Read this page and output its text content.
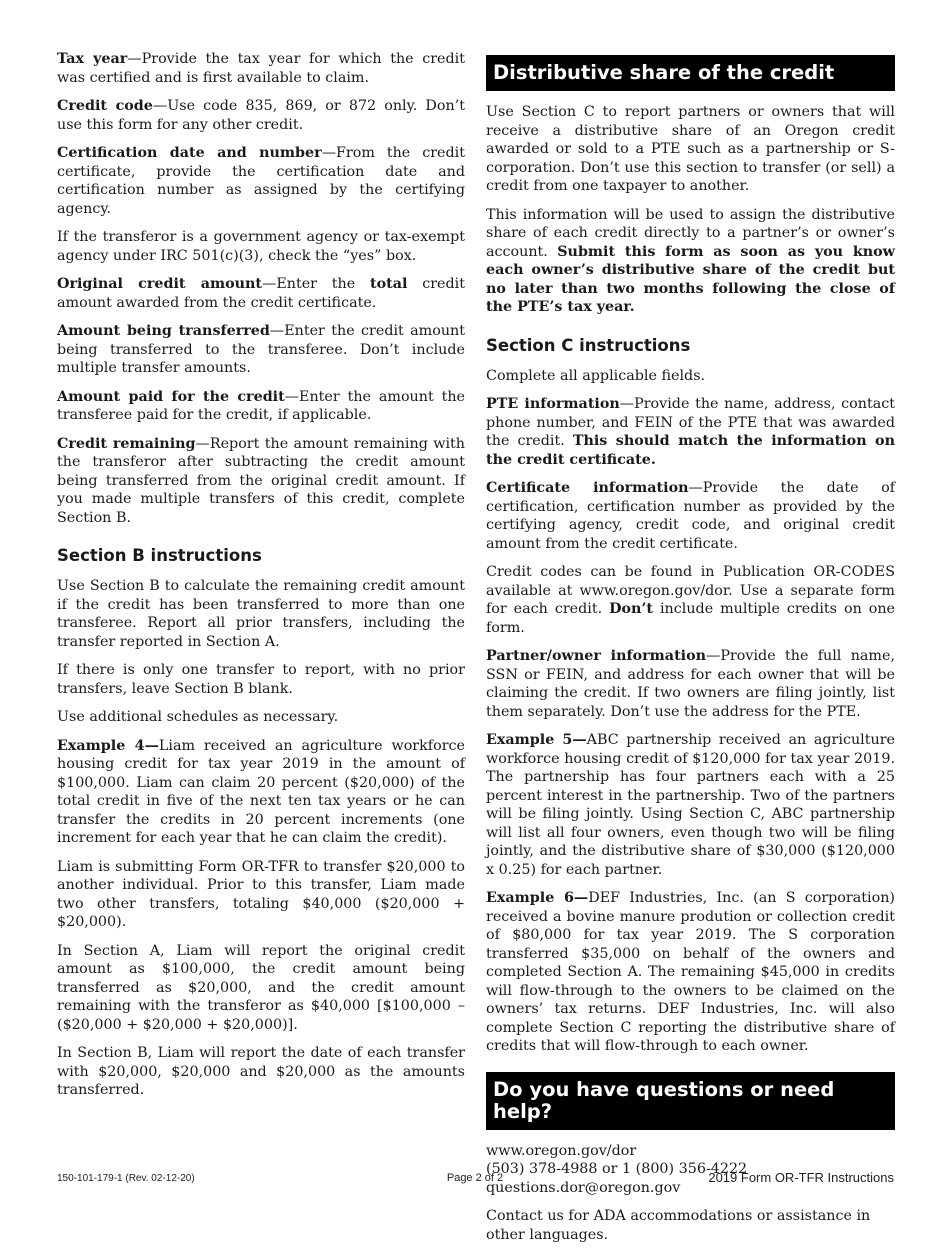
Tax year—Provide the tax year for which the credit was certified and is first available to claim.

Credit code—Use code 835, 869, or 872 only. Don’t use this form for any other credit.

Certification date and number—From the credit certificate, provide the certification date and certification number as assigned by the certifying agency.

If the transferor is a government agency or tax-exempt agency under IRC 501(c)(3), check the “yes” box.

Original credit amount—Enter the total credit amount awarded from the credit certificate.

Amount being transferred—Enter the credit amount being transferred to the transferee. Don’t include multiple transfer amounts.

Amount paid for the credit—Enter the amount the transferee paid for the credit, if applicable.

Credit remaining—Report the amount remaining with the transferor after subtracting the credit amount being transferred from the original credit amount. If you made multiple transfers of this credit, complete Section B.

Section B instructions

Use Section B to calculate the remaining credit amount if the credit has been transferred to more than one transferee. Report all prior transfers, including the transfer reported in Section A.

If there is only one transfer to report, with no prior transfers, leave Section B blank.

Use additional schedules as necessary.

Example 4—Liam received an agriculture workforce housing credit for tax year 2019 in the amount of $100,000. Liam can claim 20 percent ($20,000) of the total credit in five of the next ten tax years or he can transfer the credits in 20 percent increments (one increment for each year that he can claim the credit).

Liam is submitting Form OR-TFR to transfer $20,000 to another individual. Prior to this transfer, Liam made two other transfers, totaling $40,000 ($20,000 + $20,000).

In Section A, Liam will report the original credit amount as $100,000, the credit amount being transferred as $20,000, and the credit amount remaining with the transferor as $40,000 [$100,000 – ($20,000 + $20,000 + $20,000)].

In Section B, Liam will report the date of each transfer with $20,000, $20,000 and $20,000 as the amounts transferred.

Distributive share of the credit

Use Section C to report partners or owners that will receive a distributive share of an Oregon credit awarded or sold to a PTE such as a partnership or S-corporation. Don’t use this section to transfer (or sell) a credit from one taxpayer to another.

This information will be used to assign the distributive share of each credit directly to a partner’s or owner’s account. Submit this form as soon as you know each owner’s distributive share of the credit but no later than two months following the close of the PTE’s tax year.

Section C instructions

Complete all applicable fields.

PTE information—Provide the name, address, contact phone number, and FEIN of the PTE that was awarded the credit. This should match the information on the credit certificate.

Certificate information—Provide the date of certification, certification number as provided by the certifying agency, credit code, and original credit amount from the credit certificate.

Credit codes can be found in Publication OR-CODES available at www.oregon.gov/dor. Use a separate form for each credit. Don’t include multiple credits on one form.

Partner/owner information—Provide the full name, SSN or FEIN, and address for each owner that will be claiming the credit. If two owners are filing jointly, list them separately. Don’t use the address for the PTE.

Example 5—ABC partnership received an agriculture workforce housing credit of $120,000 for tax year 2019. The partnership has four partners each with a 25 percent interest in the partnership. Two of the partners will be filing jointly. Using Section C, ABC partnership will list all four owners, even though two will be filing jointly, and the distributive share of $30,000 ($120,000 x 0.25) for each partner.

Example 6—DEF Industries, Inc. (an S corporation) received a bovine manure prodution or collection credit of $80,000 for tax year 2019. The S corporation transferred $35,000 on behalf of the owners and completed Section A. The remaining $45,000 in credits will flow-through to the owners to be claimed on the owners’ tax returns. DEF Industries, Inc. will also complete Section C reporting the distributive share of credits that will flow-through to each owner.

Do you have questions or need help?

www.oregon.gov/dor

(503) 378-4988 or 1 (800) 356-4222

questions.dor@oregon.gov

Contact us for ADA accommodations or assistance in other languages.

150-101-179-1 (Rev. 02-12-20)	Page 2 of 2	2019 Form OR-TFR Instructions
